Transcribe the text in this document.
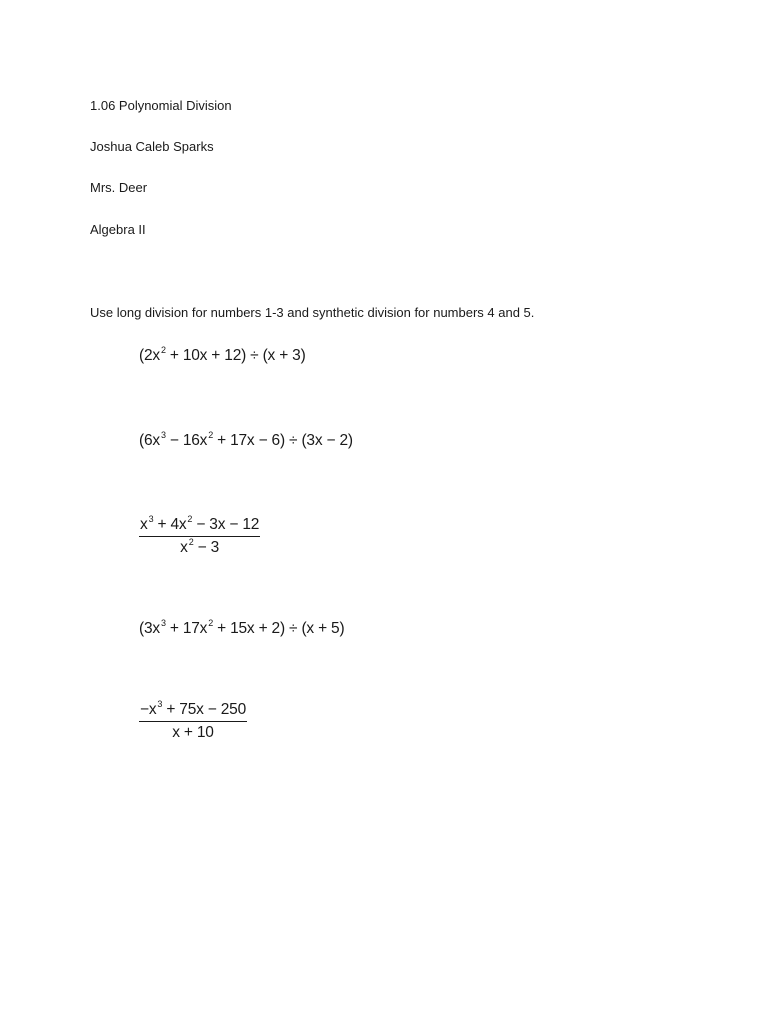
1.06 Polynomial Division
Joshua Caleb Sparks
Mrs. Deer
Algebra II
Use long division for numbers 1-3 and synthetic division for numbers 4 and 5.
$(2x^2 + 10x + 12) \div (x + 3)$
$(6x^3 - 16x^2 + 17x - 6) \div (3x - 2)$
$\frac{x^3 + 4x^2 - 3x - 12}{x^2 - 3}$
$(3x^3 + 17x^2 + 15x + 2) \div (x + 5)$
$\frac{-x^3 + 75x - 250}{x + 10}$
